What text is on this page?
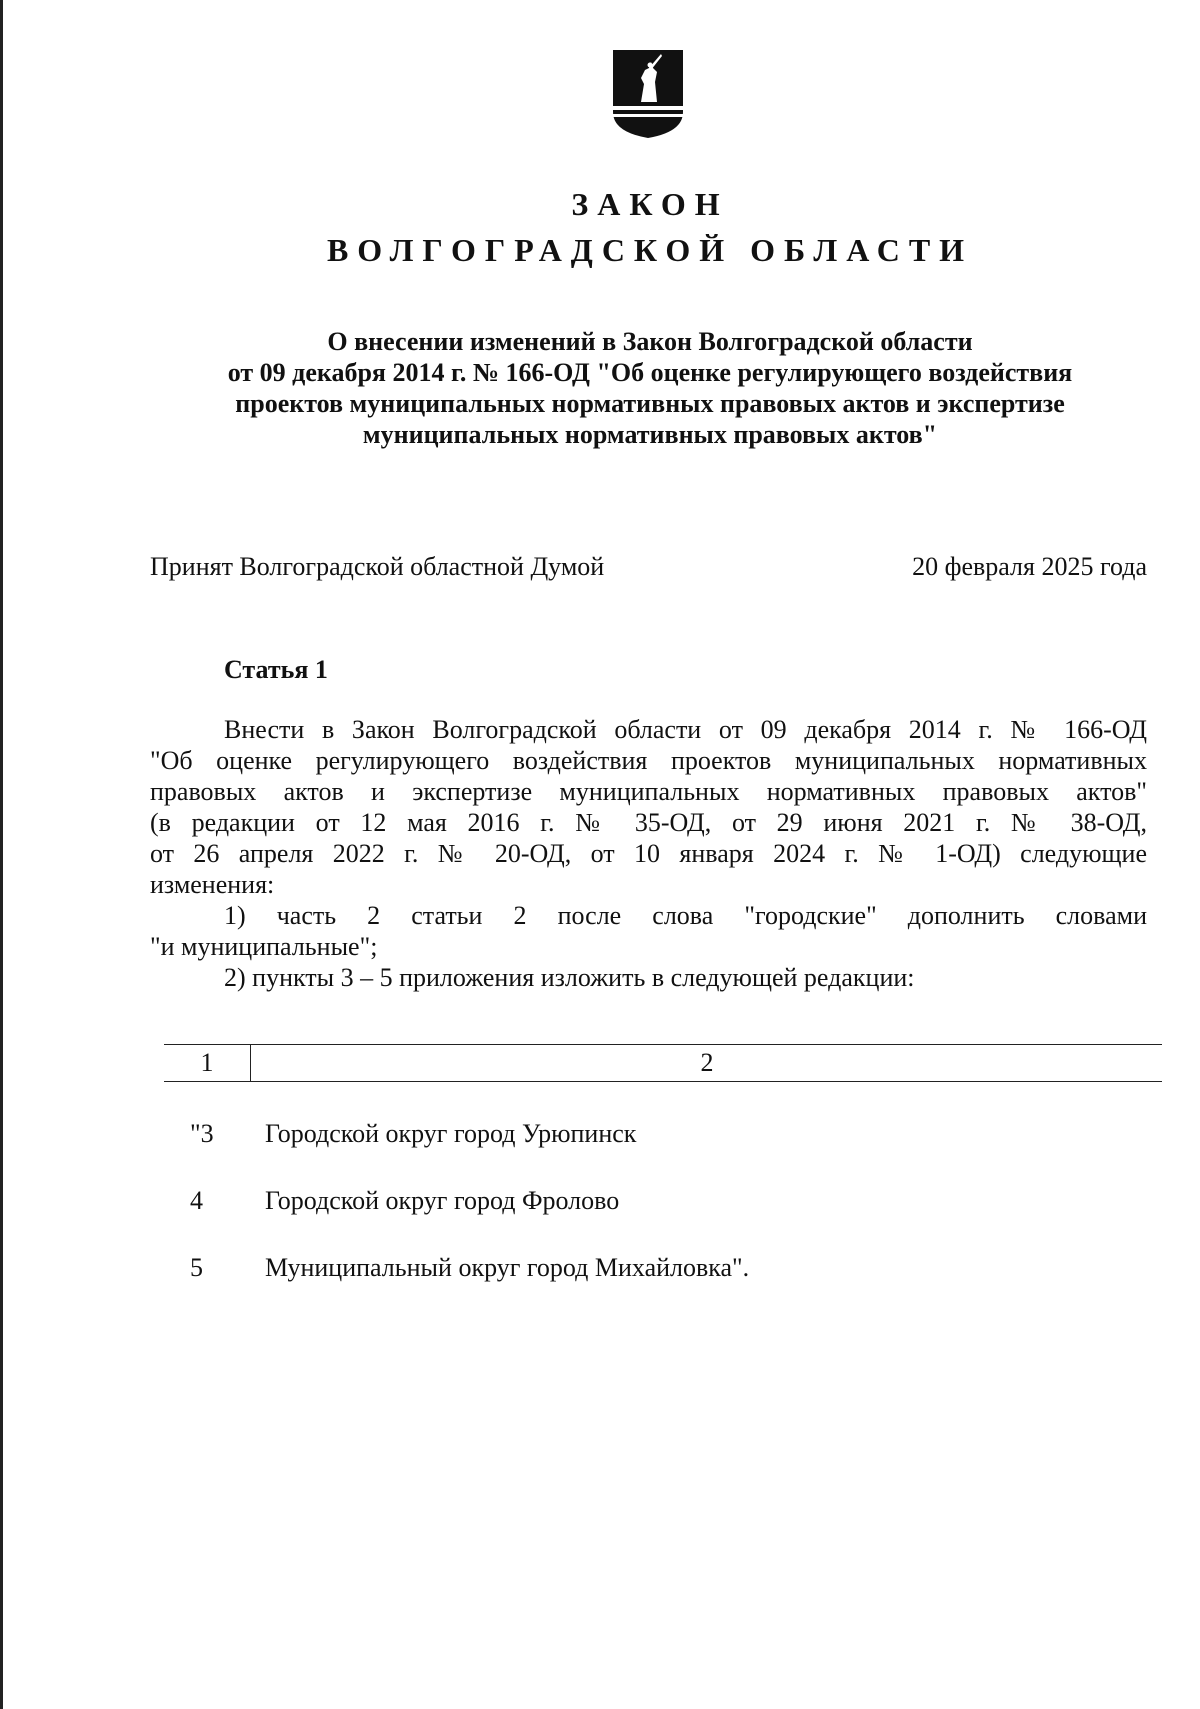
ЗАКОН
ВОЛГОГРАДСКОЙ ОБЛАСТИ
О внесении изменений в Закон Волгоградской области
от 09 декабря 2014 г. № 166-ОД "Об оценке регулирующего воздействия
проектов муниципальных нормативных правовых актов и экспертизе
муниципальных нормативных правовых актов"
Принят Волгоградской областной Думой	20 февраля 2025 года
Статья 1
Внести в Закон Волгоградской области от 09 декабря 2014 г. № 166-ОД
"Об оценке регулирующего воздействия проектов муниципальных нормативных
правовых актов и экспертизе муниципальных нормативных правовых актов"
(в редакции от 12 мая 2016 г. № 35-ОД, от 29 июня 2021 г. № 38-ОД,
от 26 апреля 2022 г. № 20-ОД, от 10 января 2024 г. № 1-ОД) следующие
изменения:
1) часть 2 статьи 2 после слова "городские" дополнить словами
"и муниципальные";
2) пункты 3 – 5 приложения изложить в следующей редакции:
1	2
"3 Городской округ город Урюпинск
4 Городской округ город Фролово
5 Муниципальный округ город Михайловка".
